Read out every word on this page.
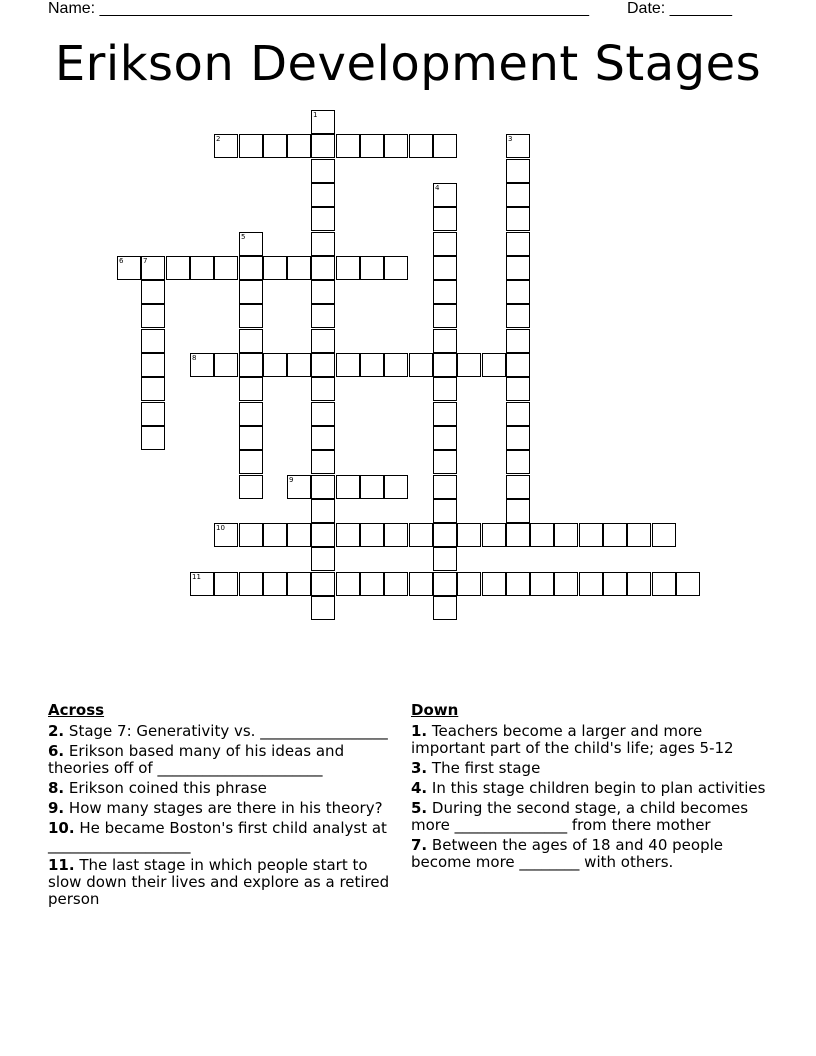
Name: _______________________________________________________ Date: _______
Erikson Development Stages
1
2	3
4
5
6	7
8
9
10
11
Across
2. Stage 7: Generativity vs. _________________
6. Erikson based many of his ideas and theories off of ______________________
8. Erikson coined this phrase
9. How many stages are there in his theory?
10. He became Boston's first child analyst at ___________________
11. The last stage in which people start to slow down their lives and explore as a retired person
Down
1. Teachers become a larger and more important part of the child's life; ages 5-12
3. The first stage
4. In this stage children begin to plan activities
5. During the second stage, a child becomes more _______________ from there mother
7. Between the ages of 18 and 40 people become more ________ with others.
